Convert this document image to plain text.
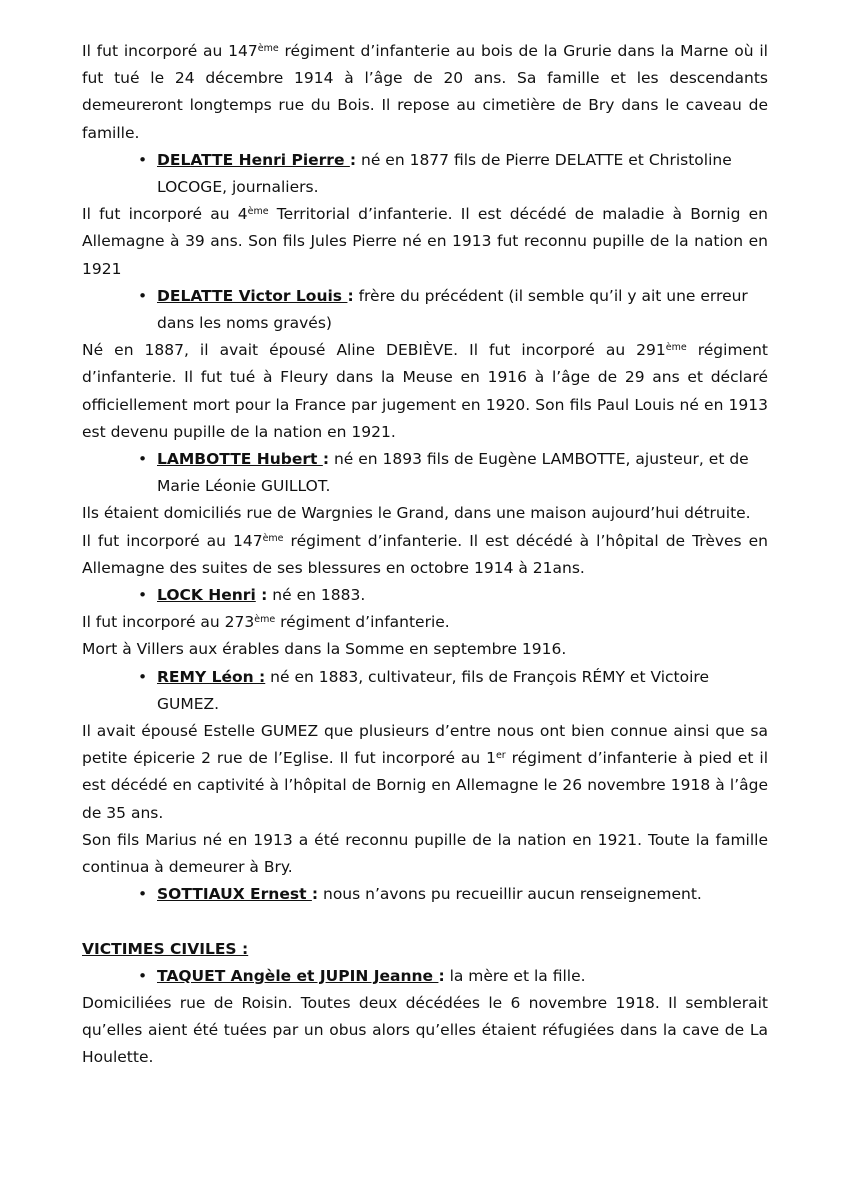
Il fut incorporé au 147ème régiment d’infanterie au bois de la Grurie dans la Marne où il fut tué le 24 décembre 1914 à l’âge de 20 ans. Sa famille et les descendants demeureront longtemps rue du Bois. Il repose au cimetière de Bry dans le caveau de famille.

• DELATTE Henri Pierre : né en 1877 fils de Pierre DELATTE et Christoline LOCOGE, journaliers.

Il fut incorporé au 4ème Territorial d’infanterie. Il est décédé de maladie à Bornig en Allemagne à 39 ans. Son fils Jules Pierre né en 1913 fut reconnu pupille de la nation en 1921

• DELATTE Victor Louis : frère du précédent (il semble qu’il y ait une erreur dans les noms gravés)

Né en 1887, il avait épousé Aline DEBIÈVE. Il fut incorporé au 291ème régiment d’infanterie. Il fut tué à Fleury dans la Meuse en 1916 à l’âge de 29 ans et déclaré officiellement mort pour la France par jugement en 1920. Son fils Paul Louis né en 1913 est devenu pupille de la nation en 1921.

• LAMBOTTE Hubert : né en 1893 fils de Eugène LAMBOTTE, ajusteur, et de Marie Léonie GUILLOT.

Ils étaient domiciliés rue de Wargnies le Grand, dans une maison aujourd’hui détruite.

Il fut incorporé au 147ème régiment d’infanterie. Il est décédé à l’hôpital de Trèves en Allemagne des suites de ses blessures en octobre 1914 à 21ans.

• LOCK Henri : né en 1883.

Il fut incorporé au 273ème régiment d’infanterie.

Mort à Villers aux érables dans la Somme en septembre 1916.

• REMY Léon : né en 1883, cultivateur, fils de François RÉMY et Victoire GUMEZ.

Il avait épousé Estelle GUMEZ que plusieurs d’entre nous ont bien connue ainsi que sa petite épicerie 2 rue de l’Eglise. Il fut incorporé au 1er régiment d’infanterie à pied et il est décédé en captivité à l’hôpital de Bornig en Allemagne le 26 novembre 1918 à l’âge de 35 ans.

Son fils Marius né en 1913 a été reconnu pupille de la nation en 1921. Toute la famille continua à demeurer à Bry.

• SOTTIAUX Ernest : nous n’avons pu recueillir aucun renseignement.

VICTIMES CIVILES :

• TAQUET Angèle et JUPIN Jeanne : la mère et la fille.

Domiciliées rue de Roisin. Toutes deux décédées le 6 novembre 1918. Il semblerait qu’elles aient été tuées par un obus alors qu’elles étaient réfugiées dans la cave de La Houlette.
